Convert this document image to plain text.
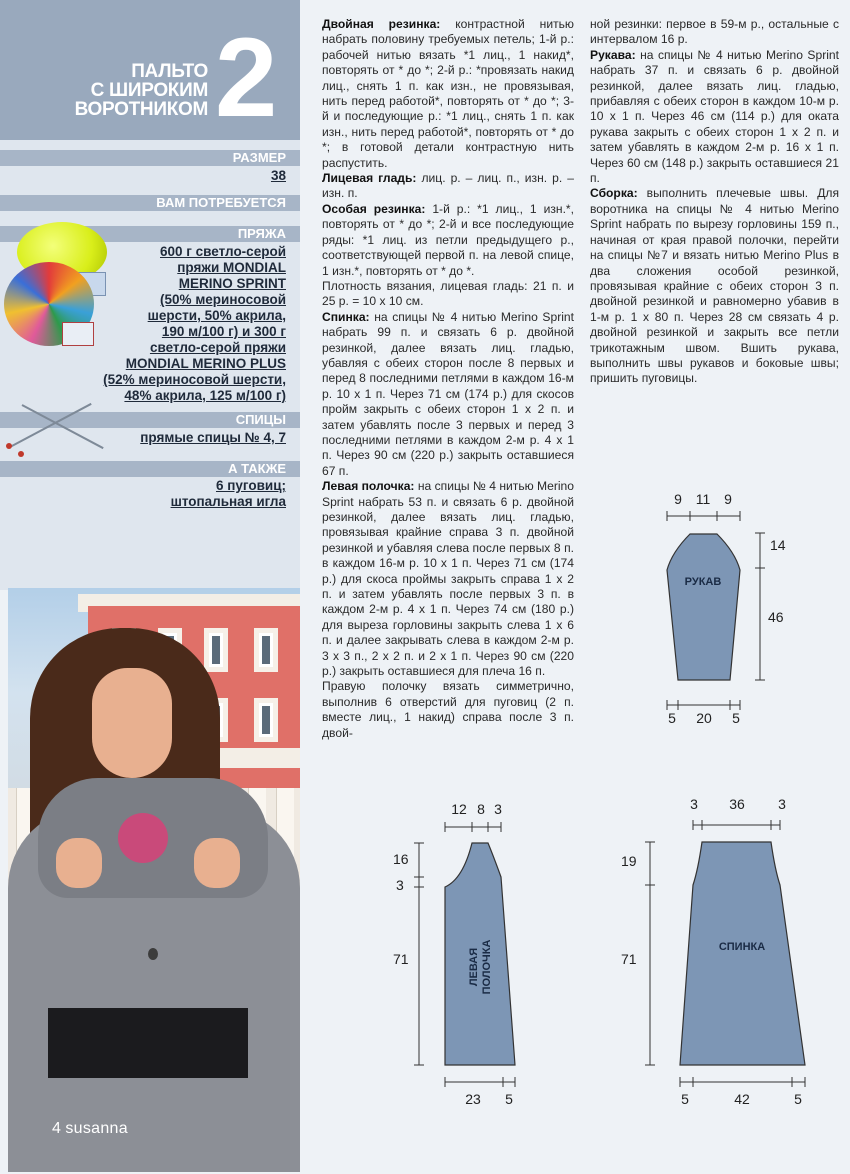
ПАЛЬТО
С ШИРОКИМ
ВОРОТНИКОМ 2
РАЗМЕР
38
ВАМ ПОТРЕБУЕТСЯ
ПРЯЖА
600 г светло-серой
пряжи MONDIAL
MERINO SPRINT
(50% мериносовой
шерсти, 50% акрила,
190 м/100 г) и 300 г
светло-серой пряжи
MONDIAL MERINO PLUS
(52% мериносовой шерсти,
48% акрила, 125 м/100 г)
СПИЦЫ
прямые спицы № 4, 7
А ТАКЖЕ
6 пуговиц;
штопальная игла
4 susanna

Двойная резинка: контрастной нитью набрать половину требуемых петель; 1-й р.: рабочей нитью вязать *1 лиц., 1 накид*, повторять от * до *; 2-й р.: *провязать накид лиц., снять 1 п. как изн., не провязывая, нить перед работой*, повторять от * до *; 3-й и последующие р.: *1 лиц., снять 1 п. как изн., нить перед работой*, повторять от * до *; в готовой детали контрастную нить распустить.

Лицевая гладь: лиц. р. – лиц. п., изн. р. – изн. п.

Особая резинка: 1-й р.: *1 лиц., 1 изн.*, повторять от * до *; 2-й и все последующие ряды: *1 лиц. из петли предыдущего р., соответствующей первой п. на левой спице, 1 изн.*, повторять от * до *.

Плотность вязания, лицевая гладь: 21 п. и 25 р. = 10 х 10 см.

Спинка: на спицы № 4 нитью Merino Sprint набрать 99 п. и связать 6 р. двойной резинкой, далее вязать лиц. гладью, убавляя с обеих сторон после 8 первых и перед 8 последними петлями в каждом 16-м р. 10 х 1 п. Через 71 см (174 р.) для скосов пройм закрыть с обеих сторон 1 х 2 п. и затем убавлять после 3 первых и перед 3 последними петлями в каждом 2-м р. 4 х 1 п. Через 90 см (220 р.) закрыть оставшиеся 67 п.

Левая полочка: на спицы № 4 нитью Merino Sprint набрать 53 п. и связать 6 р. двойной резинкой, далее вязать лиц. гладью, провязывая крайние справа 3 п. двойной резинкой и убавляя слева после первых 8 п. в каждом 16-м р. 10 х 1 п. Через 71 см (174 р.) для скоса проймы закрыть справа 1 х 2 п. и затем убавлять после первых 3 п. в каждом 2-м р. 4 х 1 п. Через 74 см (180 р.) для выреза горловины закрыть слева 1 х 6 п. и далее закрывать слева в каждом 2-м р. 3 х 3 п., 2 х 2 п. и 2 х 1 п. Через 90 см (220 р.) закрыть оставшиеся для плеча 16 п.

Правую полочку вязать симметрично, выполнив 6 отверстий для пуговиц (2 п. вместе лиц., 1 накид) справа после 3 п. двой-

ной резинки: первое в 59-м р., остальные с интервалом 16 р.

Рукава: на спицы № 4 нитью Merino Sprint набрать 37 п. и связать 6 р. двойной резинкой, далее вязать лиц. гладью, прибавляя с обеих сторон в каждом 10-м р. 10 х 1 п. Через 46 см (114 р.) для оката рукава закрыть с обеих сторон 1 х 2 п. и затем убавлять в каждом 2-м р. 16 х 1 п. Через 60 см (148 р.) закрыть оставшиеся 21 п.

Сборка: выполнить плечевые швы. Для воротника на спицы № 4 нитью Merino Sprint набрать по вырезу горловины 159 п., начиная от края правой полочки, перейти на спицы №7 и вязать нитью Merino Plus в два сложения особой резинкой, провязывая крайние с обеих сторон 3 п. двойной резинкой и равномерно убавив в 1-м р. 1 х 80 п. Через 28 см связать 4 р. двойной резинкой и закрыть все петли трикотажным швом. Вшить рукава, выполнить швы рукавов и боковые швы; пришить пуговицы.

9 11 9
14
46
5 20 5
РУКАВ
12 8 3
16
3
71
23 5
ЛЕВАЯ ПОЛОЧКА
3 36 3
19
71
5	42	5
СПИНКА
